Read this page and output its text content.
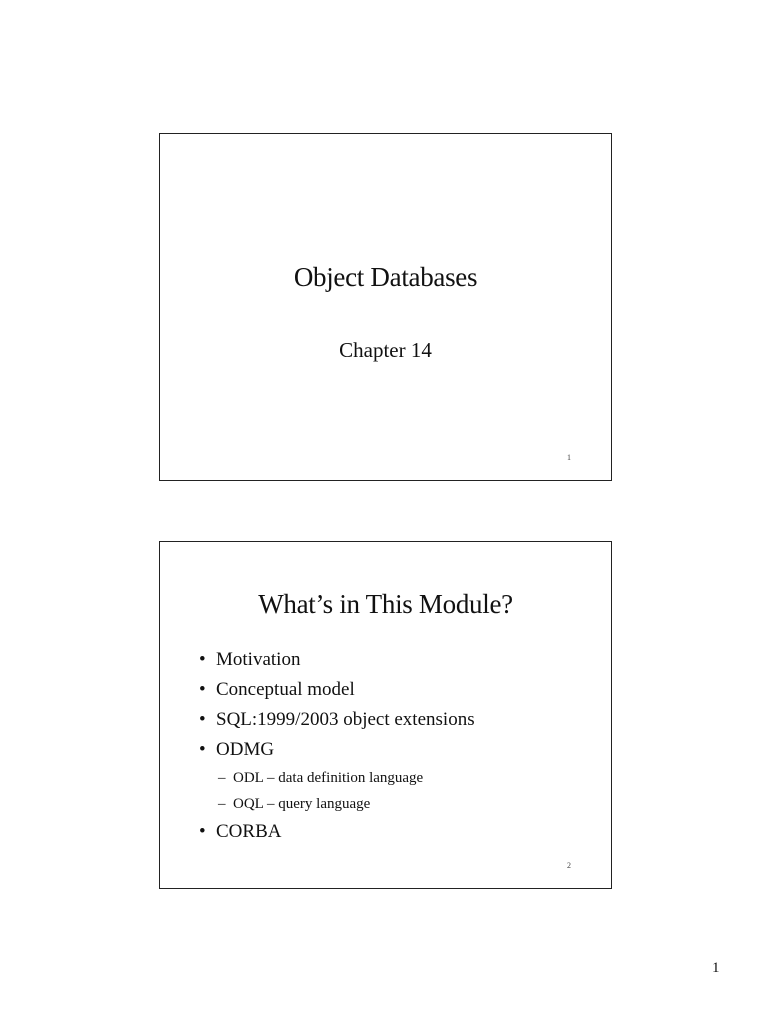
Object Databases
Chapter 14
1
What’s in This Module?
• Motivation
• Conceptual model
• SQL:1999/2003 object extensions
• ODMG
– ODL – data definition language
– OQL – query language
• CORBA
2
1
